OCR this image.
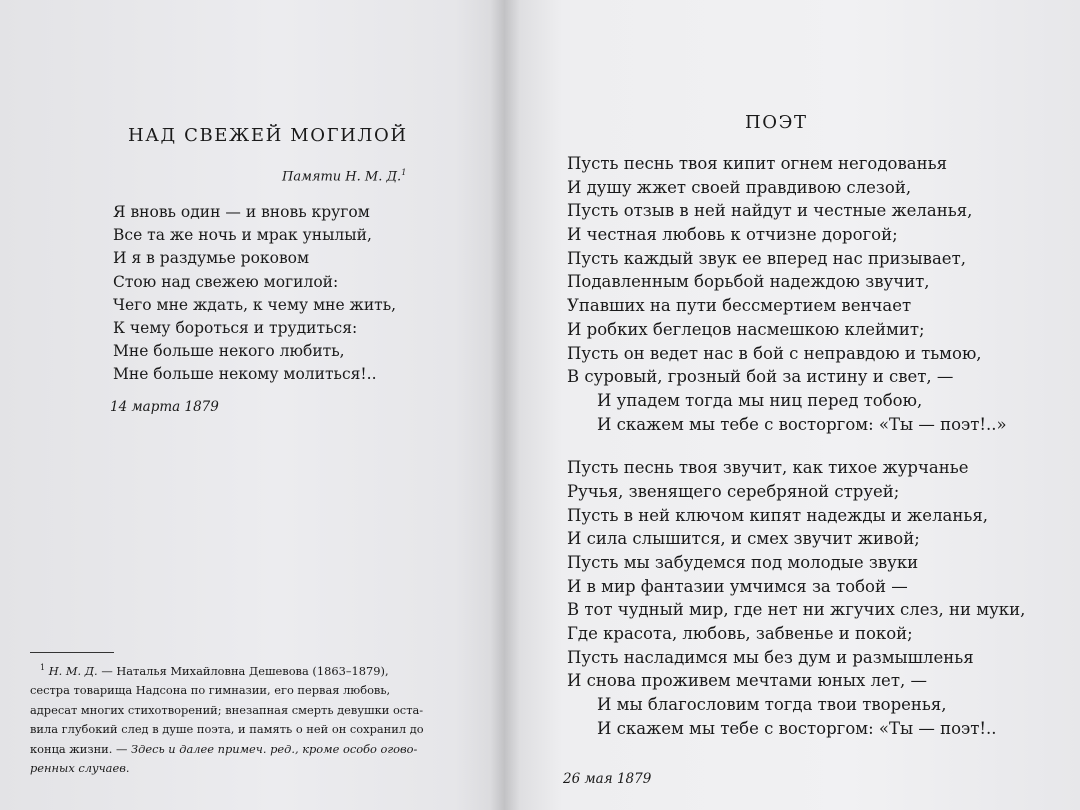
НАД СВЕЖЕЙ МОГИЛОЙ
Памяти Н. М. Д.$^1$
Я вновь один — и вновь кругом
Все та же ночь и мрак унылый,
И я в раздумье роковом
Стою над свежею могилой:
Чего мне ждать, к чему мне жить,
К чему бороться и трудиться:
Мне больше некого любить,
Мне больше некому молиться!..
14 марта 1879
$^1$ Н. М. Д. — Наталья Михайловна Дешевова (1863–1879),
сестра товарища Надсона по гимназии, его первая любовь,
адресат многих стихотворений; внезапная смерть девушки оста-
вила глубокий след в душе поэта, и память о ней он сохранил до
конца жизни. — Здесь и далее примеч. ред., кроме особо огово-
ренных случаев.
ПОЭТ
Пусть песнь твоя кипит огнем негодованья
И душу жжет своей правдивою слезой,
Пусть отзыв в ней найдут и честные желанья,
И честная любовь к отчизне дорогой;
Пусть каждый звук ее вперед нас призывает,
Подавленным борьбой надеждою звучит,
Упавших на пути бессмертием венчает
И робких беглецов насмешкою клеймит;
Пусть он ведет нас в бой с неправдою и тьмою,
В суровый, грозный бой за истину и свет, —
И упадем тогда мы ниц перед тобою,
И скажем мы тебе с восторгом: «Ты — поэт!..»
Пусть песнь твоя звучит, как тихое журчанье
Ручья, звенящего серебряной струей;
Пусть в ней ключом кипят надежды и желанья,
И сила слышится, и смех звучит живой;
Пусть мы забудемся под молодые звуки
И в мир фантазии умчимся за тобой —
В тот чудный мир, где нет ни жгучих слез, ни муки,
Где красота, любовь, забвенье и покой;
Пусть насладимся мы без дум и размышленья
И снова проживем мечтами юных лет, —
И мы благословим тогда твои творенья,
И скажем мы тебе с восторгом: «Ты — поэт!..
26 мая 1879
